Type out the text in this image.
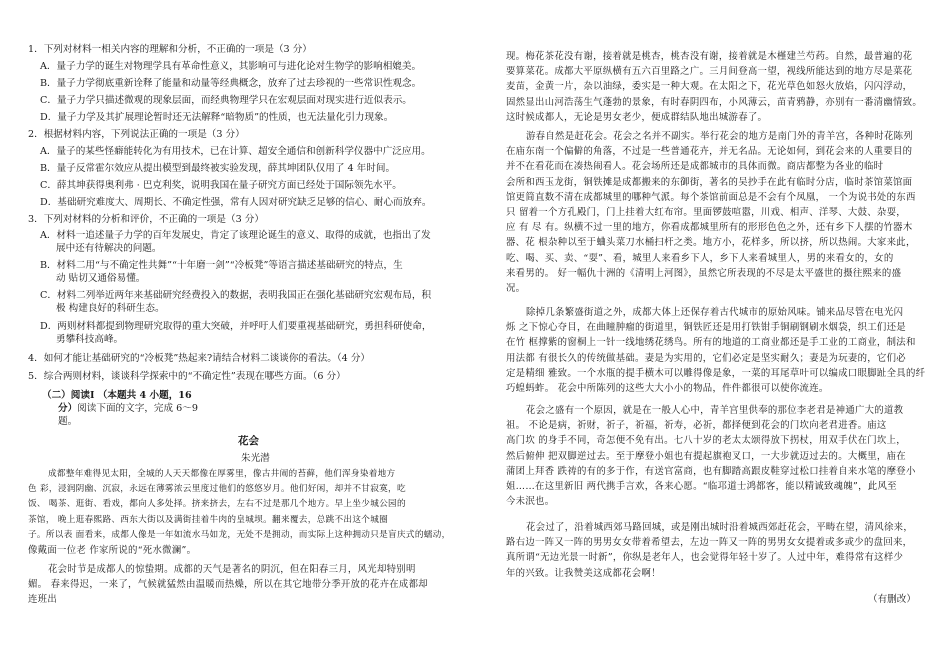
1．下列对材料一相关内容的理解和分析，不正确的一项是（3 分）
A．量子力学的诞生对物理学具有革命性意义，其影响可与进化论对生物学的影响相媲美。
B．量子力学彻底重新诠释了能量和动量等经典概念，放弃了过去珍视的一些常识性观念。
C．量子力学只描述微观的现象层面，而经典物理学只在宏观层面对现实进行近似表示。
D．量子力学及其扩展理论暂时还无法解释“暗物质”的性质，也无法量化引力现象。
2．根据材料内容，下列说法正确的一项是（3 分）
A．量子的某些怪癖能转化为有用技术，已在计算、超安全通信和创新科学仪器中广泛应用。
B．量子反常霍尔效应从提出模型到最终被实验发现，薛其坤团队仅用了 4 年时间。
C．薛其坤获得奥利弗 · 巴克利奖，说明我国在量子研究方面已经处于国际领先水平。
D．基础研究难度大、周期长、不确定性强，常有人因对研究缺乏足够的信心、耐心而放弃。
3．下列对材料的分析和评价，不正确的一项是（3 分）
A．材料一追述量子力学的百年发展史，肯定了该理论诞生的意义、取得的成就，也指出了发
展中还有待解决的问题。
B．材料二用“与不确定性共舞”“十年磨一剑”“冷板凳”等语言描述基础研究的特点，生
动 贴切又通俗易懂。
C．材料二列举近两年来基础研究经费投入的数据，表明我国正在强化基础研究宏观布局，积
极 构建良好的科研生态。
D．两则材料都提到物理研究取得的重大突破，并呼吁人们要重视基础研究，勇担科研使命，
勇攀科技高峰。
4．如何才能让基础研究的“冷板凳”热起来?请结合材料二谈谈你的看法。（4 分）
5．综合两则材料，谈谈科学探索中的“不确定性”表现在哪些方面。（6 分）
（二）阅读Ⅰ （本题共 4 小题，16
分）阅读下面的文字，完成 6～9
题。
花会
朱光潜
成都整年难得见太阳，全城的人天天都像在厚雾里，像古井闹的苔藓，他们浑身染着地方
色 彩，浸润阴幽、沉寂，永远在薄雾浓云里度过他们的悠悠岁月。他们好闲，却并不甘寂寞，吃
饭、 喝茶、逛街、看戏，都向人多处择。挤来挤去，左右不过是那几个地方。早上坐少城公园的
茶馆， 晚上逛春熙路、西东大街以及满街挂着牛肉的皇城坝。翻来覆去，总跳不出这个城圈
子。所以表 面看来，成都人像是一年如流水马如龙，无处不是拥动，而实际上这种拥动只是盲庆式的蠕动，
像戴面一位老 作家所说的“死水微澜”。
花会时节是成都人的惊蛰期。成都的天气是著名的阴沉，但在阳春三月，风光却特别明
媚。 春来得迟，一来了，气候就猛然由温暖而热燥，所以在其它地带分季开放的花卉在成都却
连班出
现。梅花茶花没有谢，接着就是桃杏，桃杏没有谢，接着就是木槿建兰芍药。自然，最普遍的花
要算菜花。成都大平原纵横有五六百里路之广。三月间登高一望，视线所能达到的地方尽是菜花
麦苗，金黄一片，杂以油绿，委实是一种大观。在太阳之下，花光草色如怒火放焰，闪闪浮动，
固然显出山河浩荡生气蓬勃的景象，有时春阴四布，小风薄云，苗青鸦静，亦别有一番清幽情致。
这时候成都人，无论是男女老少，便成群结队地出城游春了。
游春自然是赶花会。花会之名并不副实。举行花会的地方是南门外的青羊宫，各种时花陈列
在庙东南一个偏僻的角落，不过是一些普通花卉，并无名品。无论如何，到花会来的人重要目的
并不在看花而在凑热闹看人。花会场所还是成都城市的具体而微。商店都整为各业的临时
会所和西玉龙街，铜铁摊是成都搬来的东御街，著名的吴抄手在此有临时分店，临时茶馆菜馆面
馆更简直数不清在成都城里的哪种气派。每个茶馆前面总是不会有个凤凰， 一个为说书处的东西
只 留着一个方孔殿门，门上挂着大红布帘。里面锣鼓喧嚣，川戏、相声、洋琴、大鼓、杂耍，
应 有 尽 有。纵横不过一里的地方，你看成都城里所有的形形色色之外，还有乡下人摆的竹器木
器、花 根杂种以至于蛐头菜刀水桶扫杆之类。地方小，花样多，所以挤，所以热闹。大家来此，
吃、喝、买、卖、“耍”、看，城里人来看乡下人，乡下人来看城里人，男的来看女的，女的
来看男的。 好一幅仇十洲的《清明上河图》，虽然它所表现的不尽是太平盛世的摄往熙来的盛
况。
除掉几条繁盛街道之外，成都大体上还保存着古代城市的原始风味。铺来品尽管在电光闪
烁 之下惊心夺目，在曲瞳肿瘤的街道里，铜铁匠还是用打铁钳手铜刷钢刷水烟袋，织工们还是
在竹 框撑紫的窗桐上一针一线地绣花绣鸟。所有的地道的工商业都还是手工业的工商业，制法和
用法都 有很长久的传统做基础。妻是为实用的，它们必定是坚实耐久；妻是为玩妻的，它们必
定是精细 雅致。一个水瓶的提手横木可以雕得像是象，一菜的耳尾草叶可以编成口眼脚趾全具的纤
巧蝗蚂蚱。 花会中所陈列的这些大大小小的物品，件件都很可以使你流连。
花会之盛有一个原因，就是在一般人心中，青羊宫里供奉的那位李老君是神通广大的道教
祖。 不论是病，祈财，祈子，祈福，祈寿，必祈，都择便到花会的门坎向老君进香。庙这
高门坎 的身手不同，奇怎便不免有出。七八十岁的老太太颂得放下拐杖，用双手伏在门坎上，
然后俯伸 把双脚逆过去。至于摩登小姐也有提起旗袍叉口，一大步就迈过去的。大概里，庙在
蒲团上拜香 跌祷的有的多于作，有送官富商，也有脚踏高跟皮鞋穿过松口挂着自来水笔的摩登小
姐……在这里新旧 两代携手言欢，各来心愿。“临邛道士鸿都客，能以精诚致魂魄”，此风至
今未泯也。
花会过了，沿着城西郊马路回城，或是刚出城时沿着城西郊赶花会，平畴在望，清风徐来，
路右边一阵又一阵的男男女女带着希望去，左边一阵又一阵的男男女女提着或多或少的盘回来，
真所谓“无边光景一时新”，你纵是老年人，也会觉得年轻十岁了。人过中年，难得常有这样少
年的兴致。让我赞美这成都花会啊！
（有删改）
